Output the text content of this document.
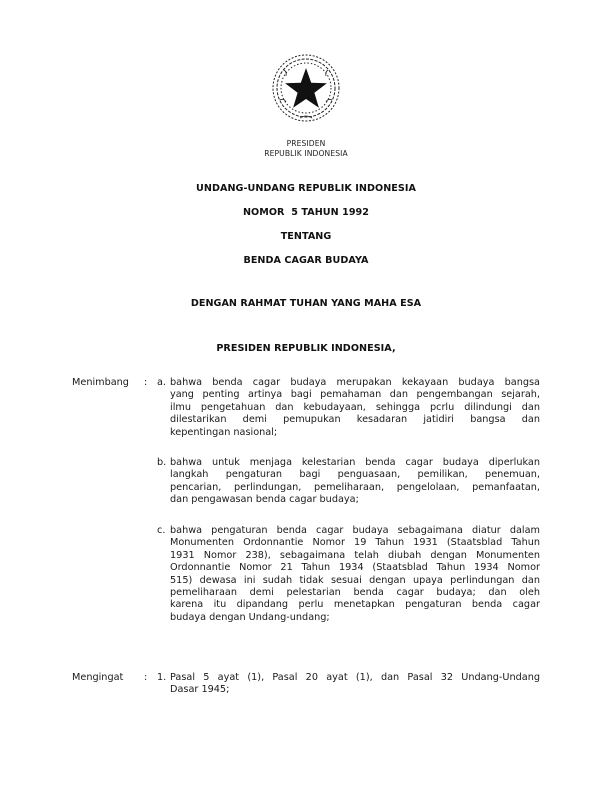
PRESIDEN
REPUBLIK INDONESIA
UNDANG-UNDANG REPUBLIK INDONESIA
NOMOR  5 TAHUN 1992
TENTANG
BENDA CAGAR BUDAYA
DENGAN RAHMAT TUHAN YANG MAHA ESA
PRESIDEN REPUBLIK INDONESIA,
Menimbang : a. bahwa benda cagar budaya merupakan kekayaan budaya bangsa
yang penting artinya bagi pemahaman dan pengembangan sejarah,
ilmu pengetahuan dan kebudayaan, sehingga pcrlu dilindungi dan
dilestarikan demi pemupukan kesadaran jatidiri bangsa dan
kepentingan nasional;
b. bahwa untuk menjaga kelestarian benda cagar budaya diperlukan
langkah pengaturan bagi penguasaan, pemilikan, penemuan,
pencarian, perlindungan, pemeliharaan, pengelolaan, pemanfaatan,
dan pengawasan benda cagar budaya;
c. bahwa pengaturan benda cagar budaya sebagaimana diatur dalam
Monumenten Ordonnantie Nomor 19 Tahun 1931 (Staatsblad Tahun
1931 Nomor 238), sebagaimana telah diubah dengan Monumenten
Ordonnantie Nomor 21 Tahun 1934 (Staatsblad Tahun 1934 Nomor
515) dewasa ini sudah tidak sesuai dengan upaya perlindungan dan
pemeliharaan demi pelestarian benda cagar budaya; dan oleh
karena itu dipandang perlu menetapkan pengaturan benda cagar
budaya dengan Undang-undang;
Mengingat : 1. Pasal 5 ayat (1), Pasal 20 ayat (1), dan Pasal 32 Undang-Undang
Dasar 1945;
